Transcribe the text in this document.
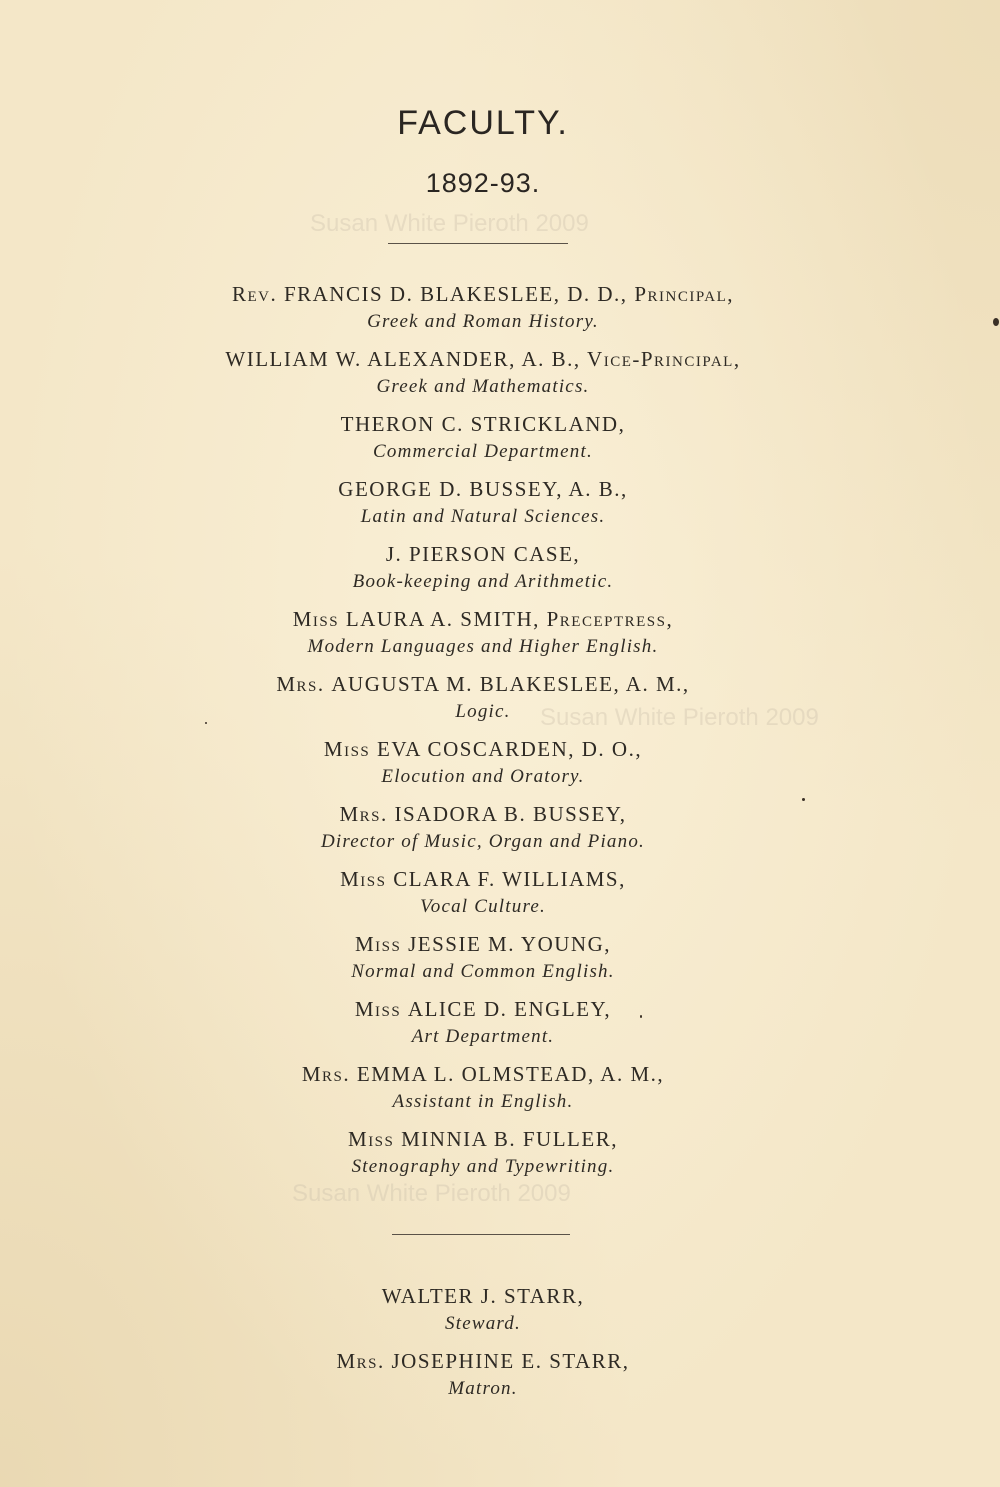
Susan White Pieroth 2009
Susan White Pieroth 2009
Susan White Pieroth 2009
FACULTY.
1892-93.
Rev. FRANCIS D. BLAKESLEE, D. D., Principal,
Greek and Roman History.
WILLIAM W. ALEXANDER, A. B., Vice-Principal,
Greek and Mathematics.
THERON C. STRICKLAND,
Commercial Department.
GEORGE D. BUSSEY, A. B.,
Latin and Natural Sciences.
J. PIERSON CASE,
Book-keeping and Arithmetic.
Miss LAURA A. SMITH, Preceptress,
Modern Languages and Higher English.
Mrs. AUGUSTA M. BLAKESLEE, A. M.,
Logic.
Miss EVA COSCARDEN, D. O.,
Elocution and Oratory.
Mrs. ISADORA B. BUSSEY,
Director of Music, Organ and Piano.
Miss CLARA F. WILLIAMS,
Vocal Culture.
Miss JESSIE M. YOUNG,
Normal and Common English.
Miss ALICE D. ENGLEY,
Art Department.
Mrs. EMMA L. OLMSTEAD, A. M.,
Assistant in English.
Miss MINNIA B. FULLER,
Stenography and Typewriting.
WALTER J. STARR,
Steward.
Mrs. JOSEPHINE E. STARR,
Matron.
